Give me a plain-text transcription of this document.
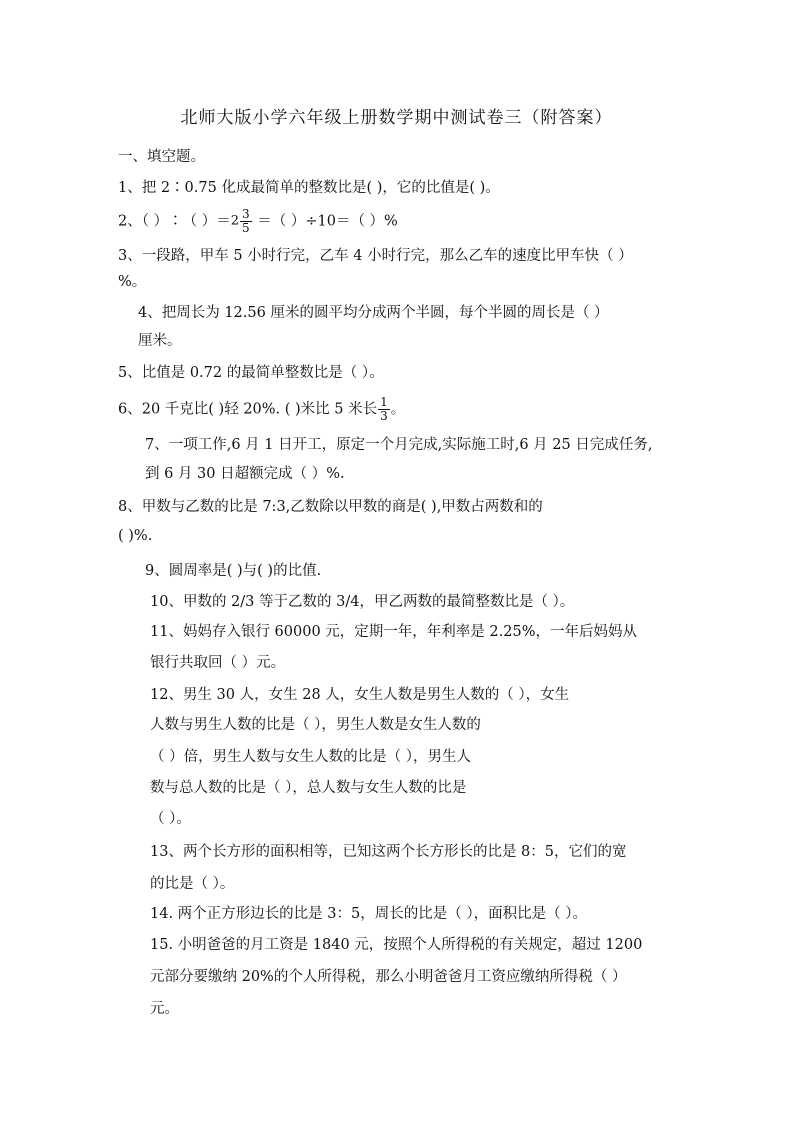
北师大版小学六年级上册数学期中测试卷三（附答案）
一、填空题。
1、把 2∶0.75 化成最简单的整数比是( )，它的比值是( )。
2、（ ）∶（ ）$=2 \frac{3}{5}$ ＝（ ）÷10＝（ ）%
3、一段路，甲车 5 小时行完，乙车 4 小时行完，那么乙车的速度比甲车快（ ）
%。
4、把周长为 12.56 厘米的圆平均分成两个半圆，每个半圆的周长是（ ）
厘米。
5、比值是 0.72 的最简单整数比是（ ）。
6、20 千克比( )轻 20%. ( )米比 5 米长 $\frac{1}{3}$ 。
7、一项工作,6 月 1 日开工，原定一个月完成,实际施工时,6 月 25 日完成任务,
到 6 月 30 日超额完成（ ）%.
8、甲数与乙数的比是 7:3,乙数除以甲数的商是( ),甲数占两数和的
( )%.
9、圆周率是( )与( )的比值.
10、甲数的 2/3 等于乙数的 3/4，甲乙两数的最简整数比是（ ）。
11、妈妈存入银行 60000 元，定期一年，年利率是 2.25%，一年后妈妈从
银行共取回（ ）元。
12、男生 30 人，女生 28 人，女生人数是男生人数的（ ），女生
人数与男生人数的比是（ ），男生人数是女生人数的
（ ）倍，男生人数与女生人数的比是（ ），男生人
数与总人数的比是（ ），总人数与女生人数的比是
（ ）。
13、两个长方形的面积相等，已知这两个长方形长的比是 8：5，它们的宽
的比是（ ）。
14. 两个正方形边长的比是 3：5，周长的比是（ ），面积比是（ ）。
15. 小明爸爸的月工资是 1840 元，按照个人所得税的有关规定，超过 1200
元部分要缴纳 20%的个人所得税，那么小明爸爸月工资应缴纳所得税（ ）
元。
